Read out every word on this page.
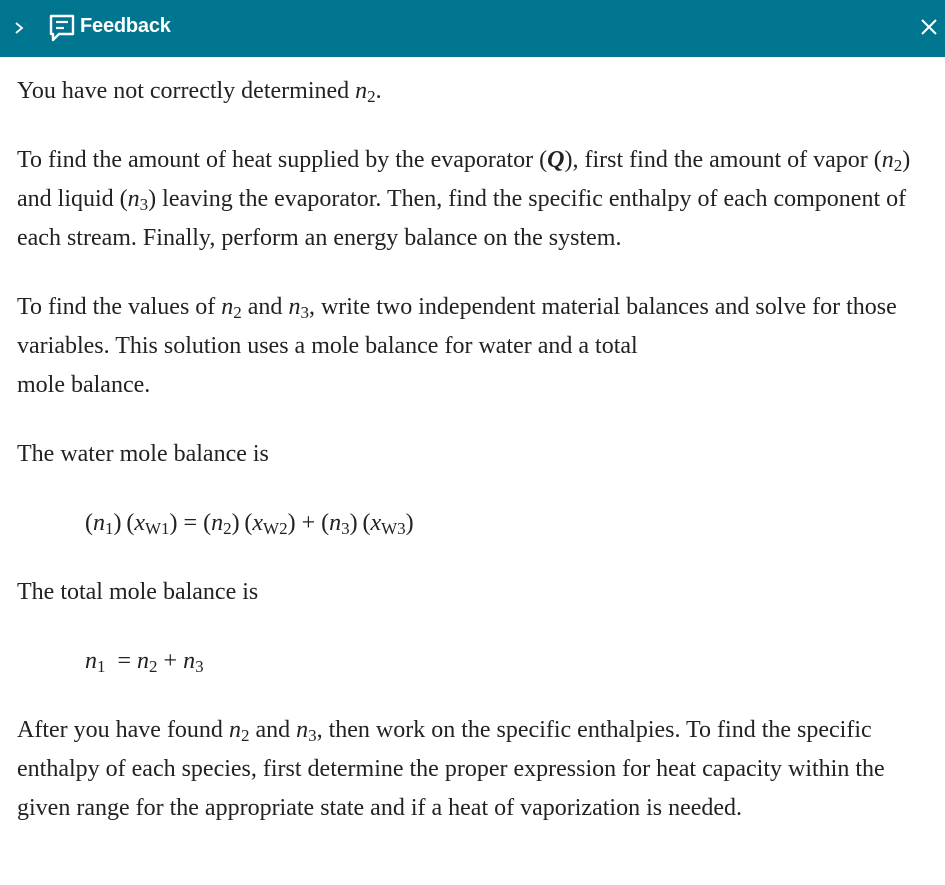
Feedback

You have not correctly determined $n_2$.

To find the amount of heat supplied by the evaporator (Q), first find the amount of vapor $(n_2)$ and liquid $(n_3)$ leaving the evaporator. Then, find the specific enthalpy of each component of each stream. Finally, perform an energy balance on the system.

To find the values of $n_2$ and $n_3$, write two independent material balances and solve for those variables. This solution uses a mole balance for water and a total
mole balance.

The water mole balance is

$(n_1) (x_{W1}) = (n_2) (x_{W2}) + (n_3)$  $(x_{W3})$

The total mole balance is

$n_1 = n_2 + n_3$

After you have found $n_2$ and $n_3$, then work on the specific enthalpies. To find the specific enthalpy of each species, first determine the proper expression for heat capacity within the given range for the appropriate state and if a heat of vaporization is needed.
